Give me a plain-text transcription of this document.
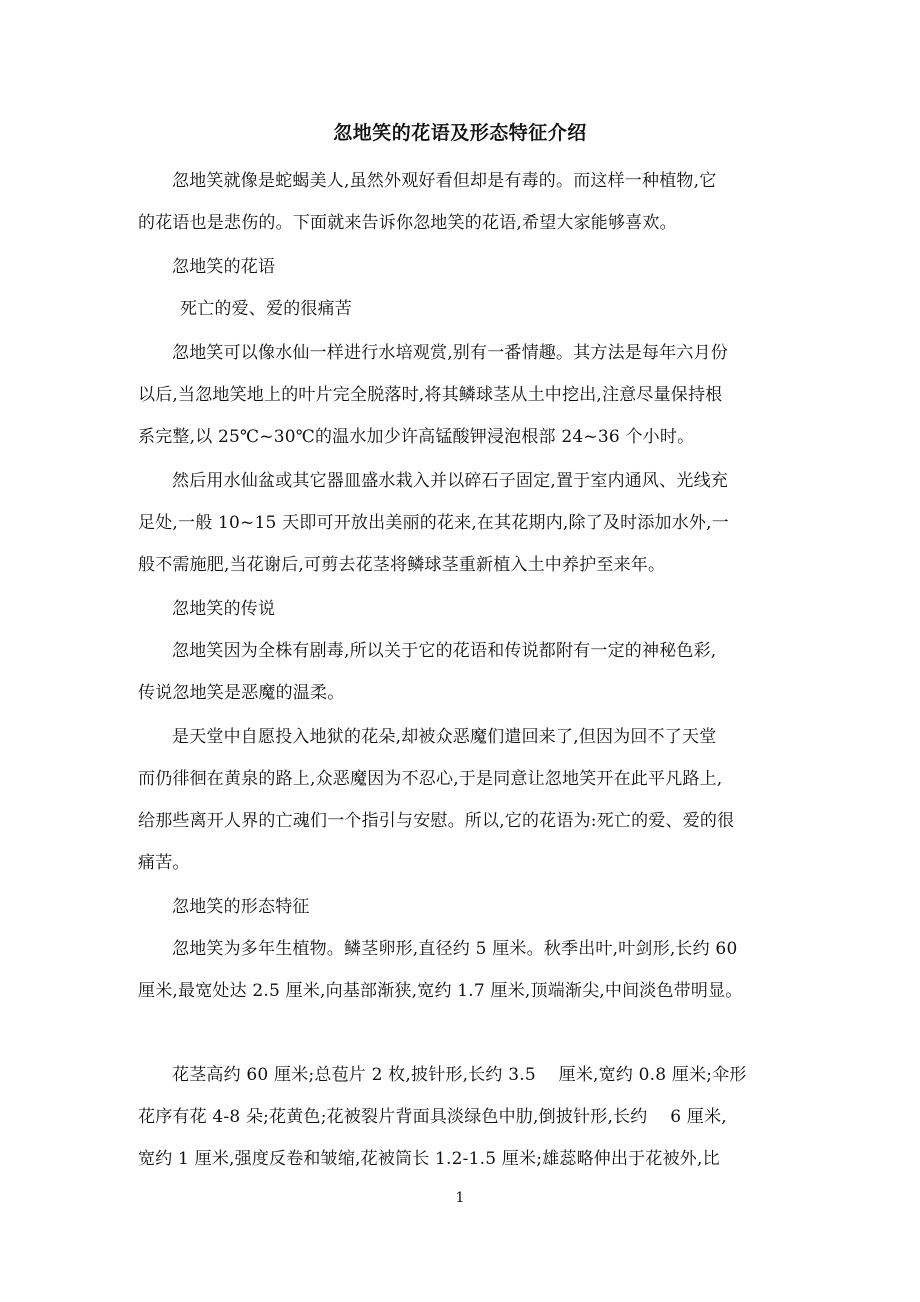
忽地笑的花语及形态特征介绍
忽地笑就像是蛇蝎美人,虽然外观好看但却是有毒的。而这样一种植物,它
的花语也是悲伤的。下面就来告诉你忽地笑的花语,希望大家能够喜欢。
忽地笑的花语
死亡的爱、爱的很痛苦
忽地笑可以像水仙一样进行水培观赏,别有一番情趣。其方法是每年六月份
以后,当忽地笑地上的叶片完全脱落时,将其鳞球茎从土中挖出,注意尽量保持根
系完整,以 25℃~30℃的温水加少许高锰酸钾浸泡根部 24~36 个小时。
然后用水仙盆或其它器皿盛水栽入并以碎石子固定,置于室内通风、光线充
足处,一般 10~15 天即可开放出美丽的花来,在其花期内,除了及时添加水外,一
般不需施肥,当花谢后,可剪去花茎将鳞球茎重新植入土中养护至来年。
忽地笑的传说
忽地笑因为全株有剧毒,所以关于它的花语和传说都附有一定的神秘色彩,
传说忽地笑是恶魔的温柔。
是天堂中自愿投入地狱的花朵,却被众恶魔们遣回来了,但因为回不了天堂
而仍徘徊在黄泉的路上,众恶魔因为不忍心,于是同意让忽地笑开在此平凡路上,
给那些离开人界的亡魂们一个指引与安慰。所以,它的花语为:死亡的爱、爱的很
痛苦。
忽地笑的形态特征
忽地笑为多年生植物。鳞茎卵形,直径约 5 厘米。秋季出叶,叶剑形,长约 60
厘米,最宽处达 2.5 厘米,向基部渐狭,宽约 1.7 厘米,顶端渐尖,中间淡色带明显。
花茎高约 60 厘米;总苞片 2 枚,披针形,长约 3.5　 厘米,宽约 0.8 厘米;伞形
花序有花 4-8 朵;花黄色;花被裂片背面具淡绿色中肋,倒披针形,长约　 6 厘米,
宽约 1 厘米,强度反卷和皱缩,花被筒长 1.2-1.5 厘米;雄蕊略伸出于花被外,比
1
